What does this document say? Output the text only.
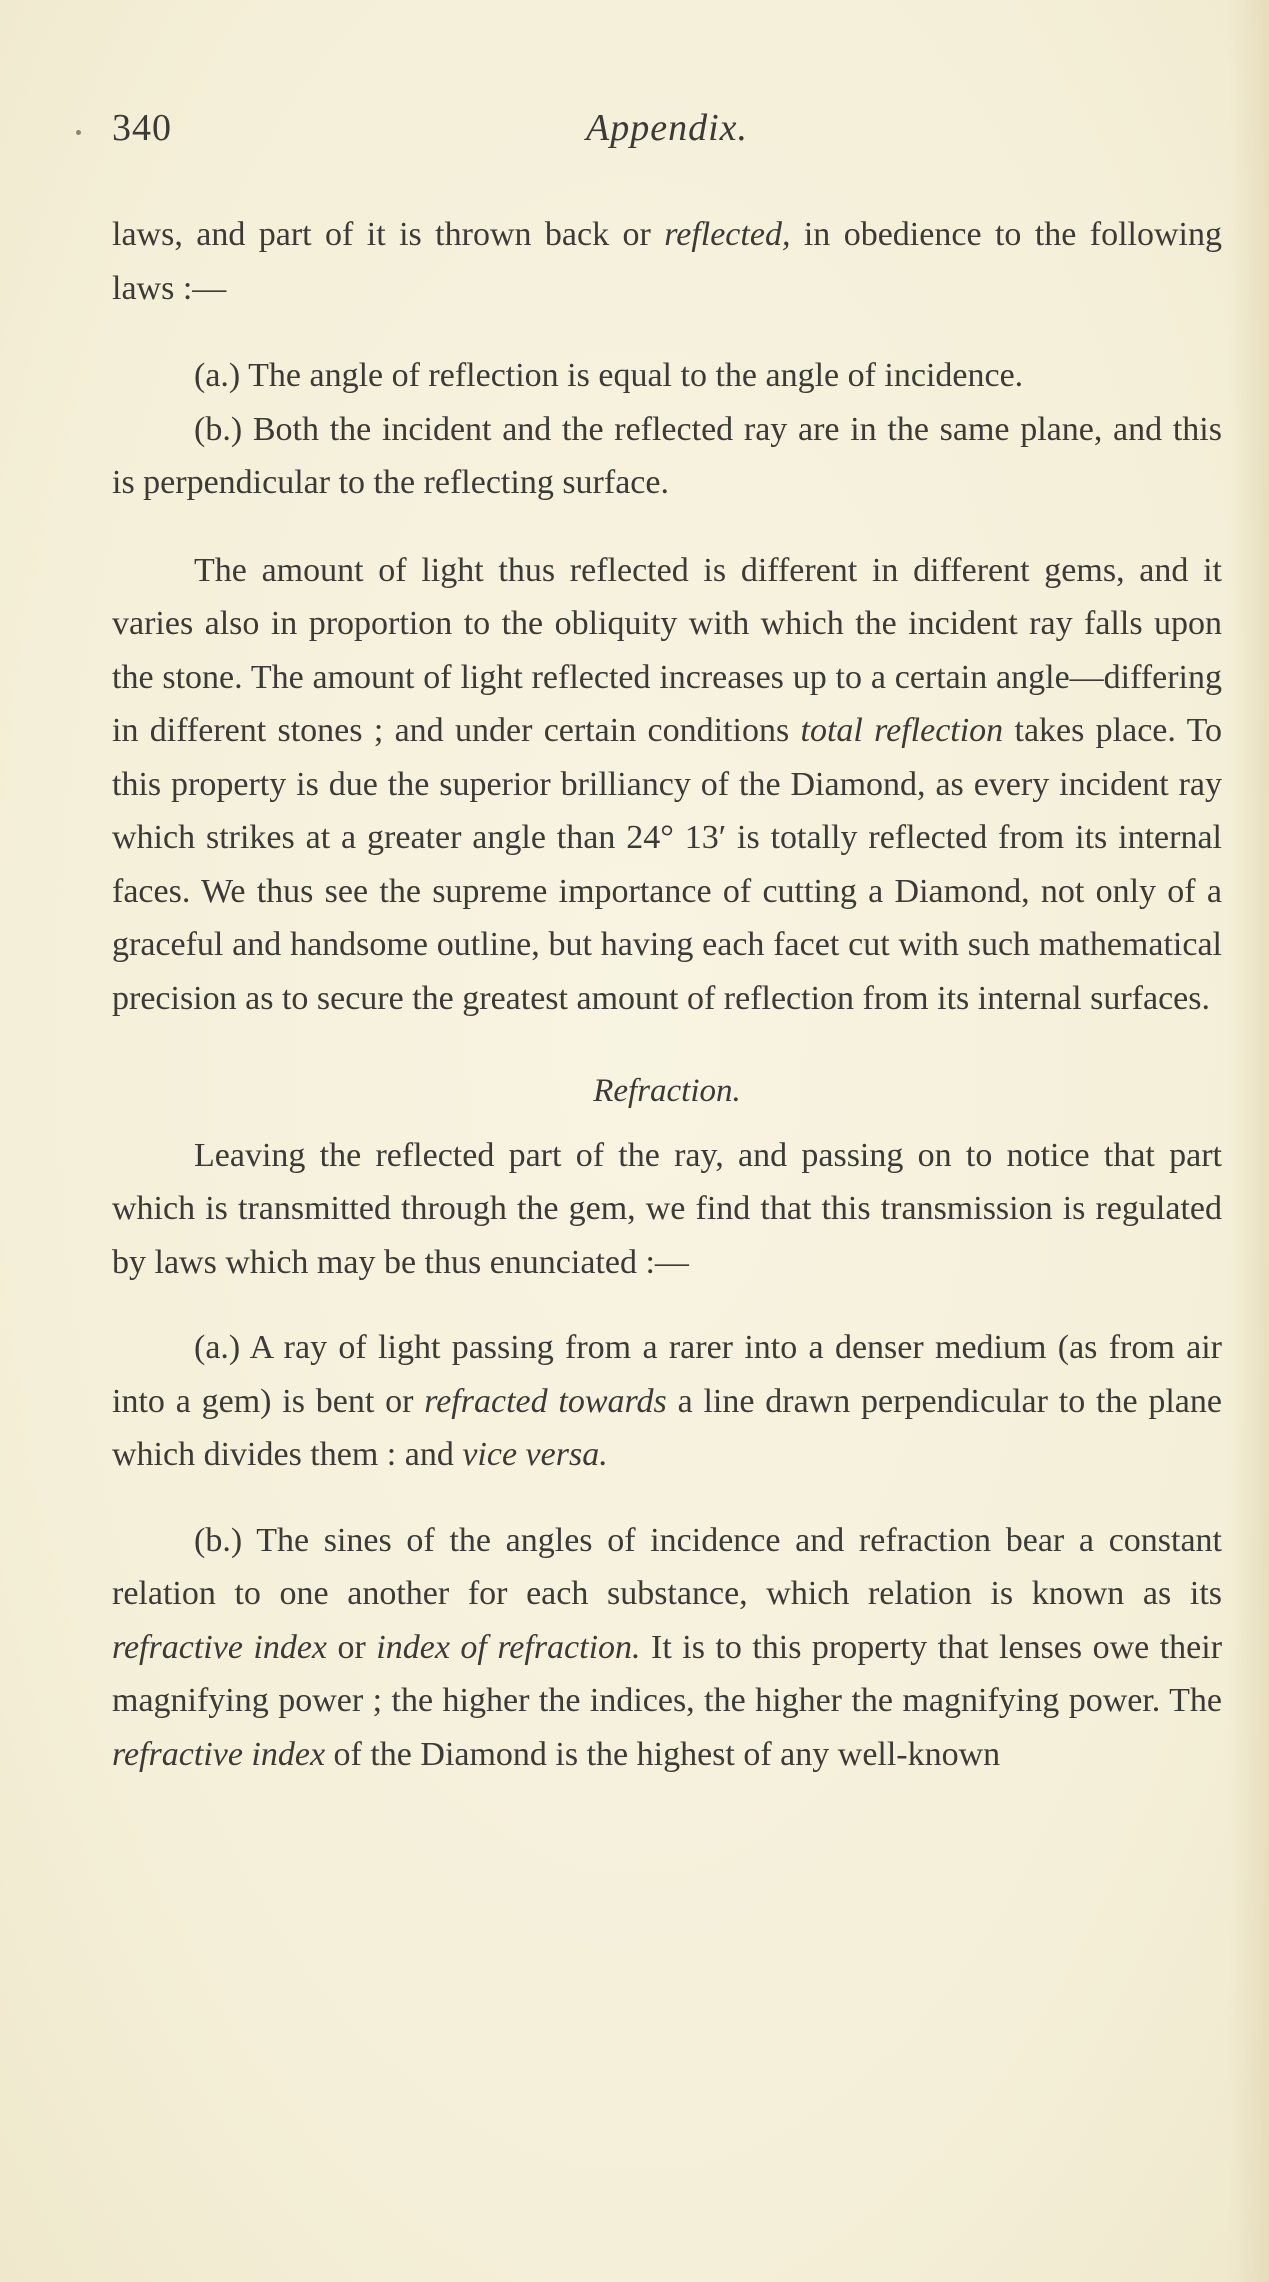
340	Appendix.

laws, and part of it is thrown back or reflected, in obedience to the following laws :—

(a.) The angle of reflection is equal to the angle of incidence.

(b.) Both the incident and the reflected ray are in the same plane, and this is perpendicular to the reflecting surface.

The amount of light thus reflected is different in different gems, and it varies also in proportion to the obliquity with which the incident ray falls upon the stone. The amount of light reflected increases up to a certain angle—differing in different stones ; and under certain conditions total reflection takes place. To this property is due the superior brilliancy of the Diamond, as every incident ray which strikes at a greater angle than 24° 13′ is totally reflected from its internal faces. We thus see the supreme importance of cutting a Diamond, not only of a graceful and handsome outline, but having each facet cut with such mathematical precision as to secure the greatest amount of reflection from its internal surfaces.

Refraction.

Leaving the reflected part of the ray, and passing on to notice that part which is transmitted through the gem, we find that this transmission is regulated by laws which may be thus enunciated :—

(a.) A ray of light passing from a rarer into a denser medium (as from air into a gem) is bent or refracted towards a line drawn perpendicular to the plane which divides them : and vice versa.

(b.) The sines of the angles of incidence and refraction bear a constant relation to one another for each substance, which relation is known as its refractive index or index of refraction. It is to this property that lenses owe their magnifying power ; the higher the indices, the higher the magnifying power. The refractive index of the Diamond is the highest of any well-known
